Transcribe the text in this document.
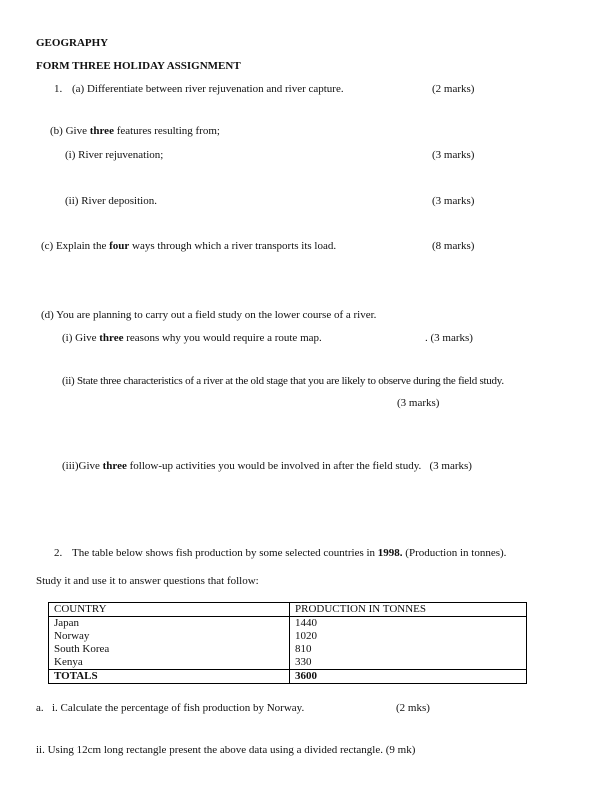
GEOGRAPHY
FORM THREE HOLIDAY ASSIGNMENT
1. (a) Differentiate between river rejuvenation and river capture.	(2 marks)
(b) Give three features resulting from;
(i) River rejuvenation;	(3 marks)
(ii) River deposition.	(3 marks)
(c) Explain the four ways through which a river transports its load.	(8 marks)
(d) You are planning to carry out a field study on the lower course of a river.
(i) Give three reasons why you would require a route map.	. (3 marks)
(ii) State three characteristics of a river at the old stage that you are likely to observe during the field study.
(3 marks)
(iii)Give three follow-up activities you would be involved in after the field study. (3 marks)
2. The table below shows fish production by some selected countries in 1998. (Production in tonnes).
Study it and use it to answer questions that follow:
COUNTRY	PRODUCTION IN TONNES
Japan	1440
Norway	1020
South Korea	810
Kenya	330
TOTALS	3600
a. i. Calculate the percentage of fish production by Norway.	(2 mks)
ii. Using 12cm long rectangle present the above data using a divided rectangle. (9 mk)
